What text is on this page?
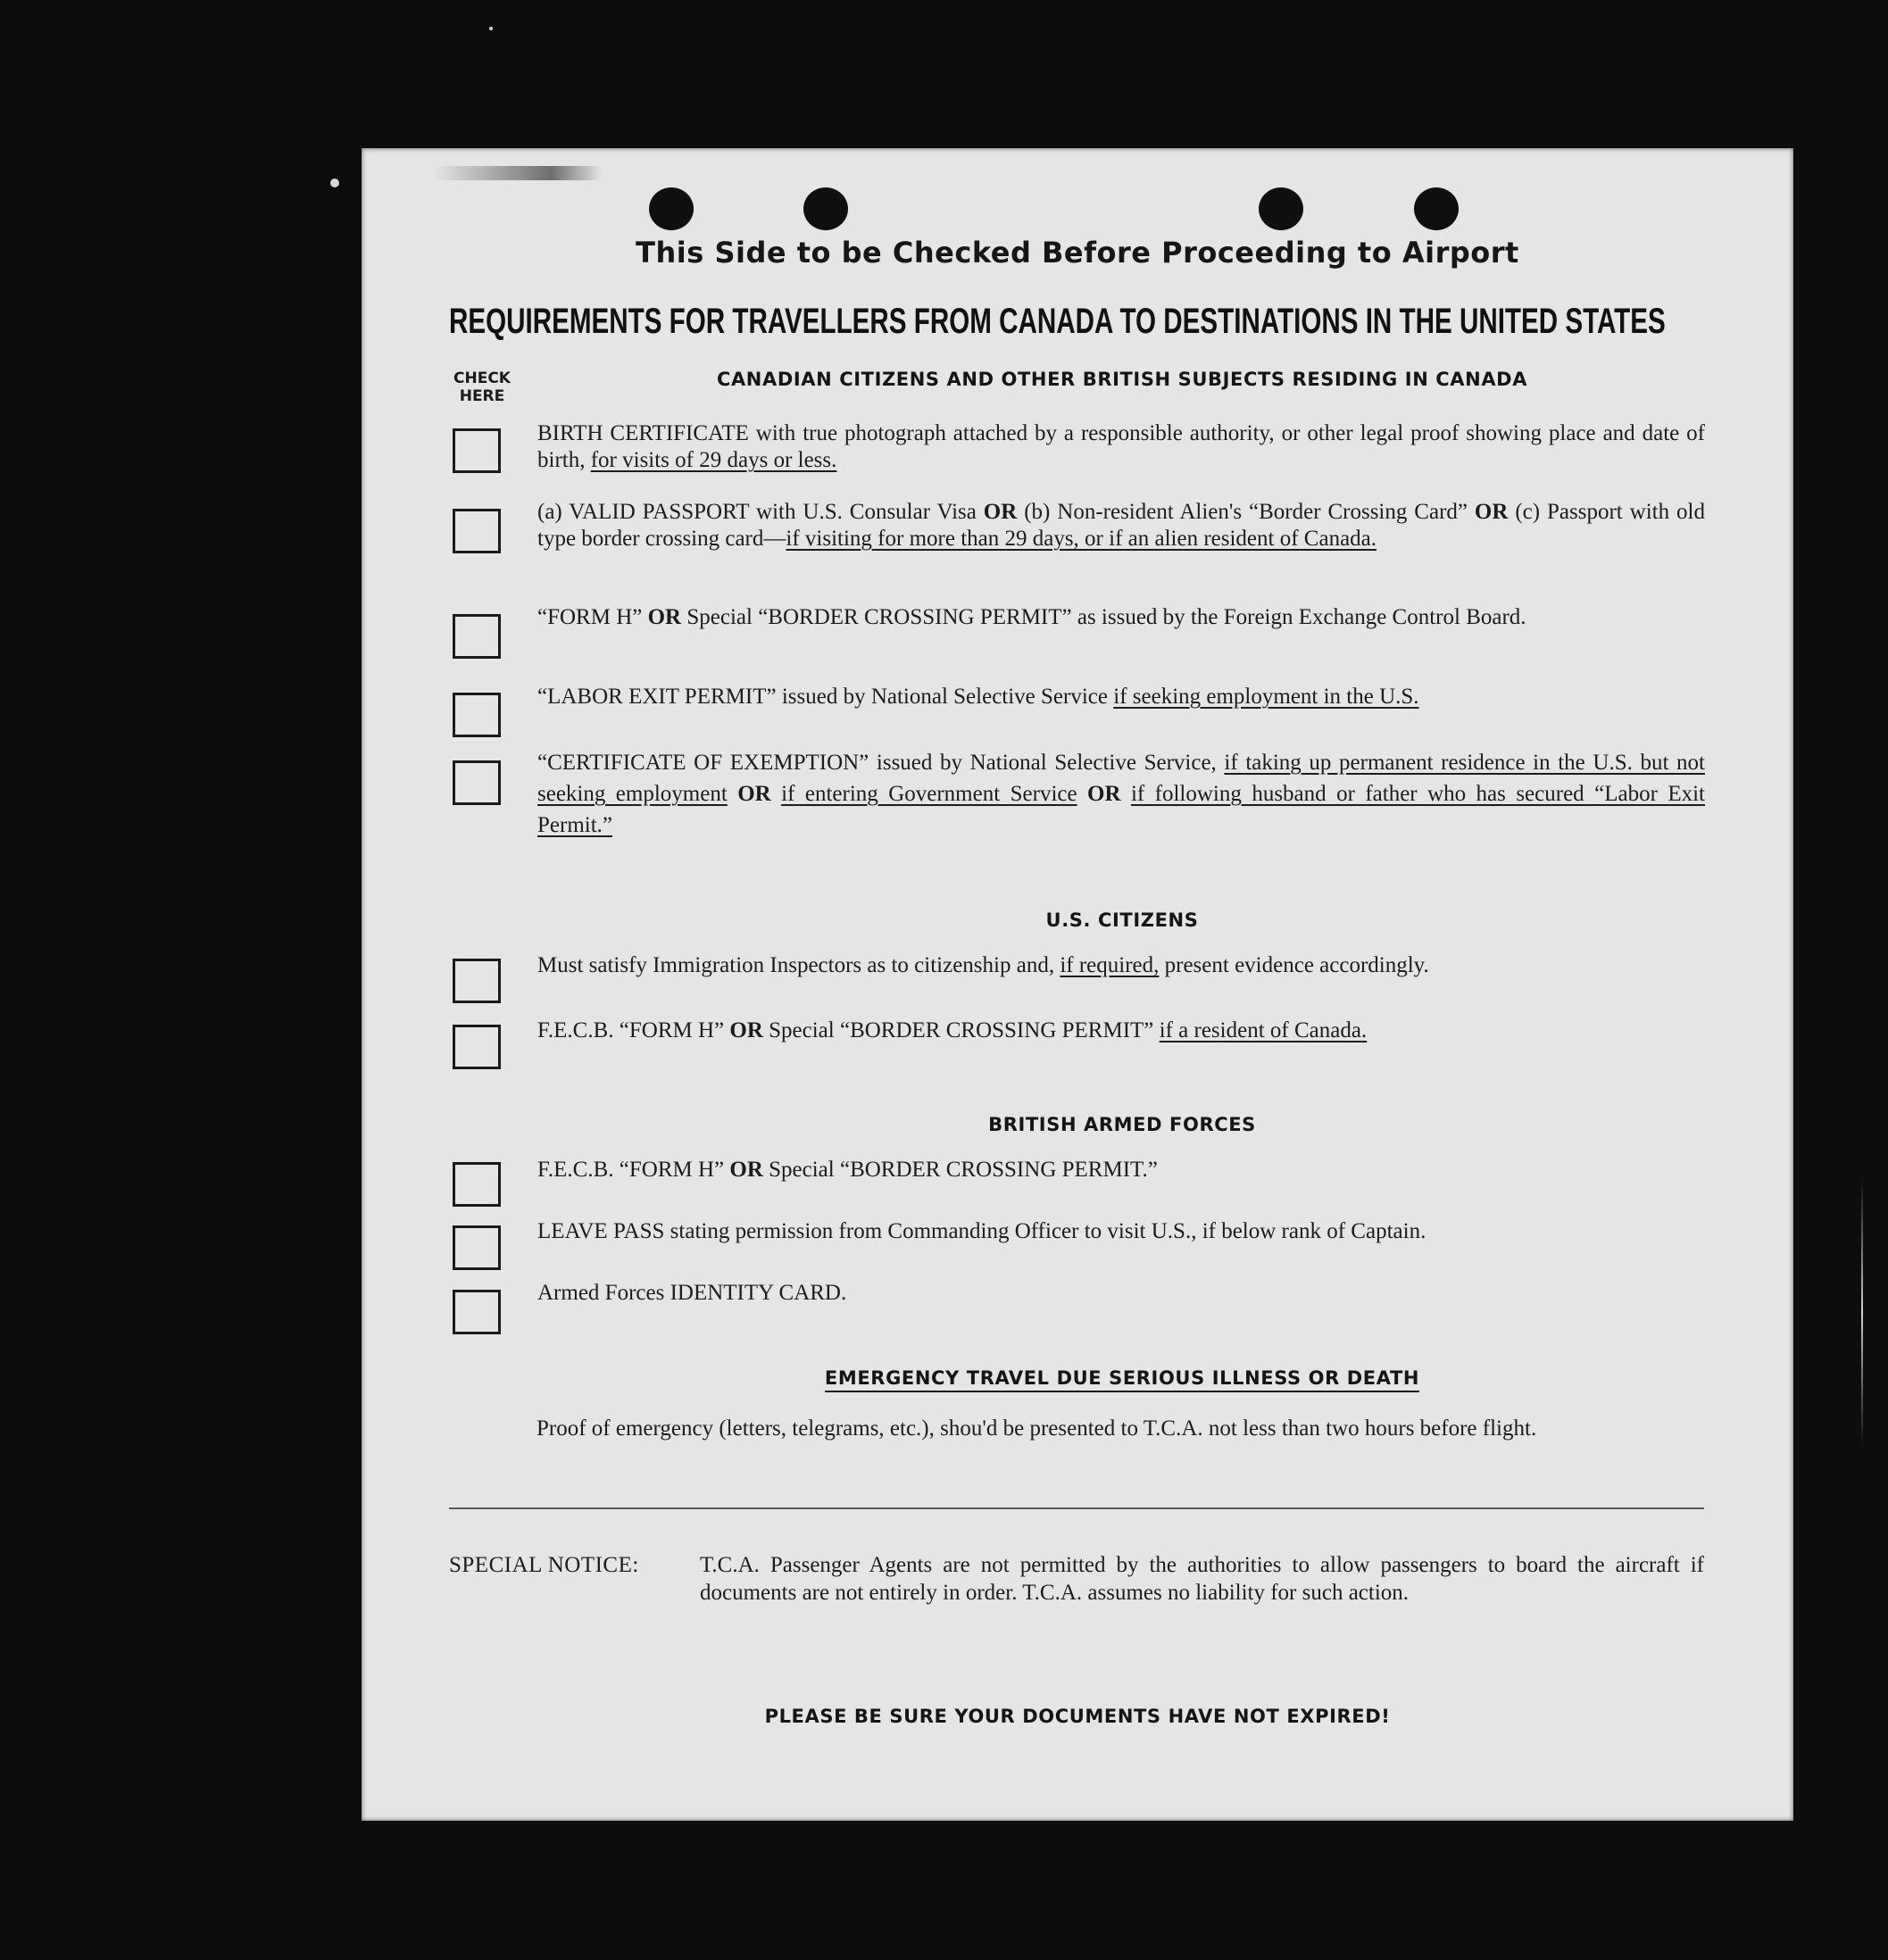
This Side to be Checked Before Proceeding to Airport
REQUIREMENTS FOR TRAVELLERS FROM CANADA TO DESTINATIONS IN THE UNITED STATES
CHECK
HERE
CANADIAN CITIZENS AND OTHER BRITISH SUBJECTS RESIDING IN CANADA
BIRTH CERTIFICATE with true photograph attached by a responsible authority, or other legal proof showing place and date of birth, for visits of 29 days or less.
(a) VALID PASSPORT with U.S. Consular Visa OR (b) Non-resident Alien's “Border Crossing Card” OR (c) Passport with old type border crossing card—if visiting for more than 29 days, or if an alien resident of Canada.
“FORM H” OR Special “BORDER CROSSING PERMIT” as issued by the Foreign Exchange Control Board.
“LABOR EXIT PERMIT” issued by National Selective Service if seeking employment in the U.S.
“CERTIFICATE OF EXEMPTION” issued by National Selective Service, if taking up permanent residence in the U.S. but not seeking employment OR if entering Government Service OR if following husband or father who has secured “Labor Exit Permit.”
U.S. CITIZENS
Must satisfy Immigration Inspectors as to citizenship and, if required, present evidence accordingly.
F.E.C.B. “FORM H” OR Special “BORDER CROSSING PERMIT” if a resident of Canada.
BRITISH ARMED FORCES
F.E.C.B. “FORM H” OR Special “BORDER CROSSING PERMIT.”
LEAVE PASS stating permission from Commanding Officer to visit U.S., if below rank of Captain.
Armed Forces IDENTITY CARD.
EMERGENCY TRAVEL DUE SERIOUS ILLNESS OR DEATH
Proof of emergency (letters, telegrams, etc.), shou'd be presented to T.C.A. not less than two hours before flight.
SPECIAL NOTICE:	T.C.A. Passenger Agents are not permitted by the authorities to allow passengers to board the aircraft if documents are not entirely in order. T.C.A. assumes no liability for such action.
PLEASE BE SURE YOUR DOCUMENTS HAVE NOT EXPIRED!
